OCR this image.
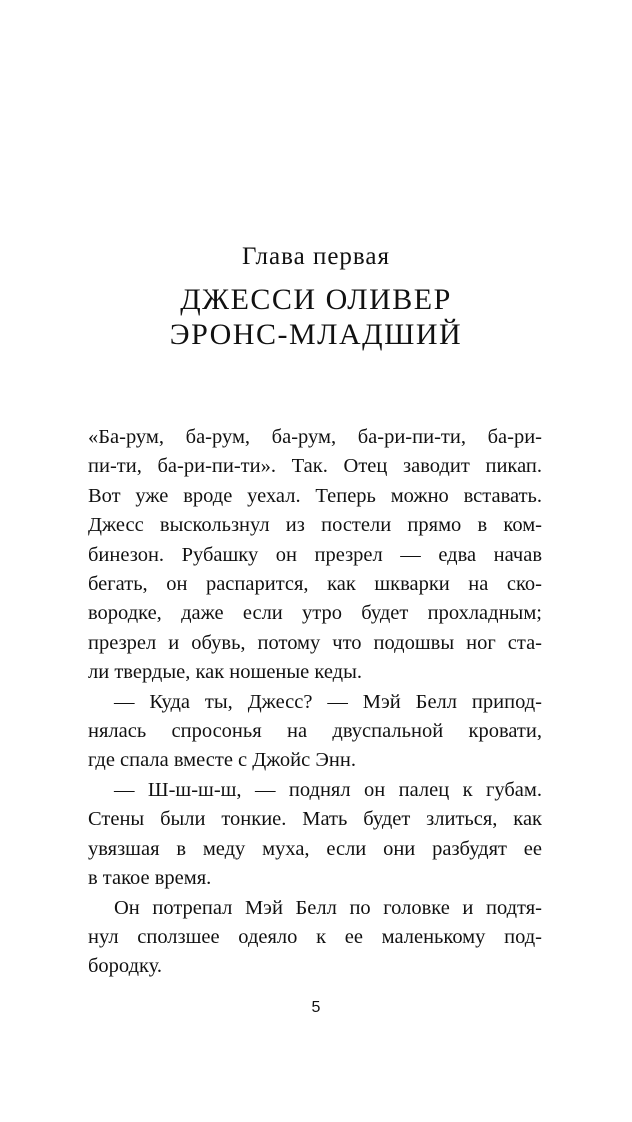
Глава первая
ДЖЕССИ ОЛИВЕР
ЭРОНС-МЛАДШИЙ
«Ба-рум, ба-рум, ба-рум, ба-ри-пи-ти, ба-ри-
пи-ти, ба-ри-пи-ти». Так. Отец заводит пикап.
Вот уже вроде уехал. Теперь можно вставать.
Джесс выскользнул из постели прямо в ком-
бинезон. Рубашку он презрел — едва начав
бегать, он распарится, как шкварки на ско-
вородке, даже если утро будет прохладным;
презрел и обувь, потому что подошвы ног ста-
ли твердые, как ношеные кеды.
— Куда ты, Джесс? — Мэй Белл припод-
нялась спросонья на двуспальной кровати,
где спала вместе с Джойс Энн.
— Ш-ш-ш-ш, — поднял он палец к губам.
Стены были тонкие. Мать будет злиться, как
увязшая в меду муха, если они разбудят ее
в такое время.
Он потрепал Мэй Белл по головке и подтя-
нул сползшее одеяло к ее маленькому под-
бородку.
5
